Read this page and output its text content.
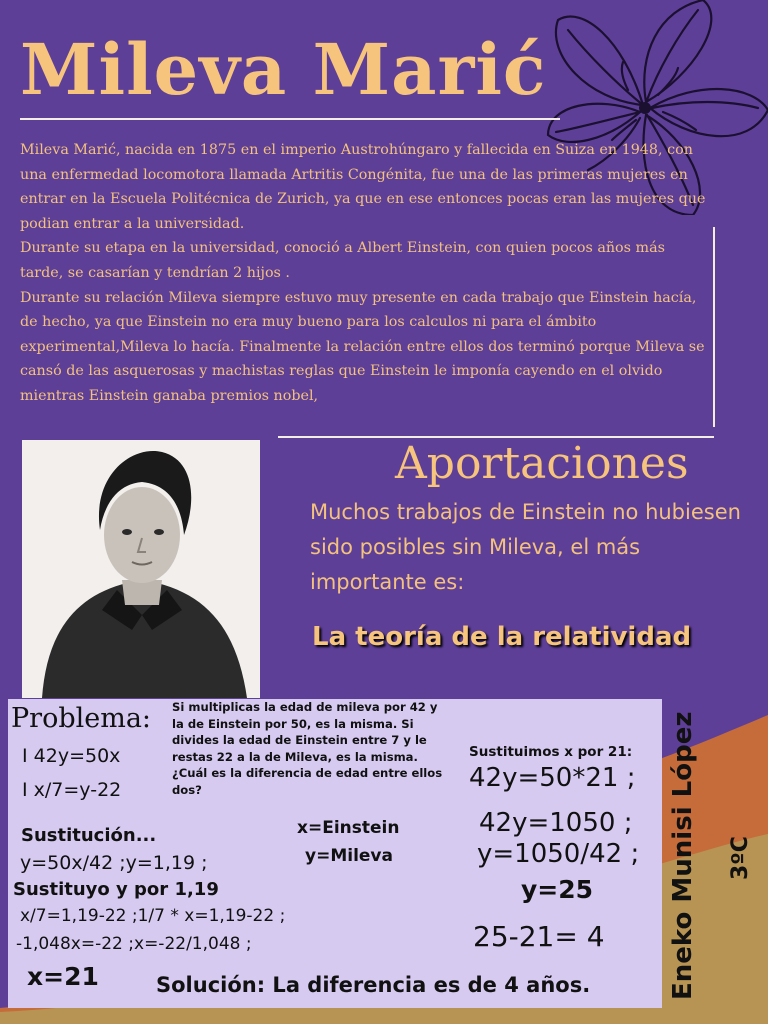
Mileva Marić

Mileva Marić, nacida en 1875 en el imperio Austrohúngaro y fallecida en Suiza en 1948, con una enfermedad locomotora llamada Artritis Congénita, fue una de las primeras mujeres en entrar en la Escuela Politécnica de Zurich, ya que en ese entonces pocas eran las mujeres que podian entrar a la universidad.

Durante su etapa en la universidad, conoció a Albert Einstein, con quien pocos años más tarde, se casarían y tendrían 2 hijos .

Durante su relación Mileva siempre estuvo muy presente en cada trabajo que Einstein hacía, de hecho, ya que Einstein no era muy bueno para los calculos ni para el ámbito experimental,Mileva lo hacía. Finalmente la relación entre ellos dos terminó porque Mileva se cansó de las asquerosas y machistas reglas que Einstein le imponía cayendo en el olvido mientras Einstein ganaba premios nobel,

Aportaciones
Muchos trabajos de Einstein no hubiesen sido posibles sin Mileva, el más importante es:
La teoría de la relatividad
Problema:
I 42y=50x
I x/7=y-22
Si multiplicas la edad de mileva por 42 y la de Einstein por 50, es la misma. Si divides la edad de Einstein entre 7 y le restas 22 a la de Mileva, es la misma. ¿Cuál es la diferencia de edad entre ellos dos?
Sustitución...
y=50x/42 ;y=1,19 ;
Sustituyo y por 1,19
x/7=1,19-22 ;1/7 * x=1,19-22 ;
-1,048x=-22 ;x=-22/1,048 ;
x=21
x=Einstein
y=Mileva
Sustituimos x por 21:
42y=50*21 ;
42y=1050 ;
y=1050/42 ;
y=25
25-21= 4
Solución: La diferencia es de 4 años.	Eneko Munisi López 3ºC
